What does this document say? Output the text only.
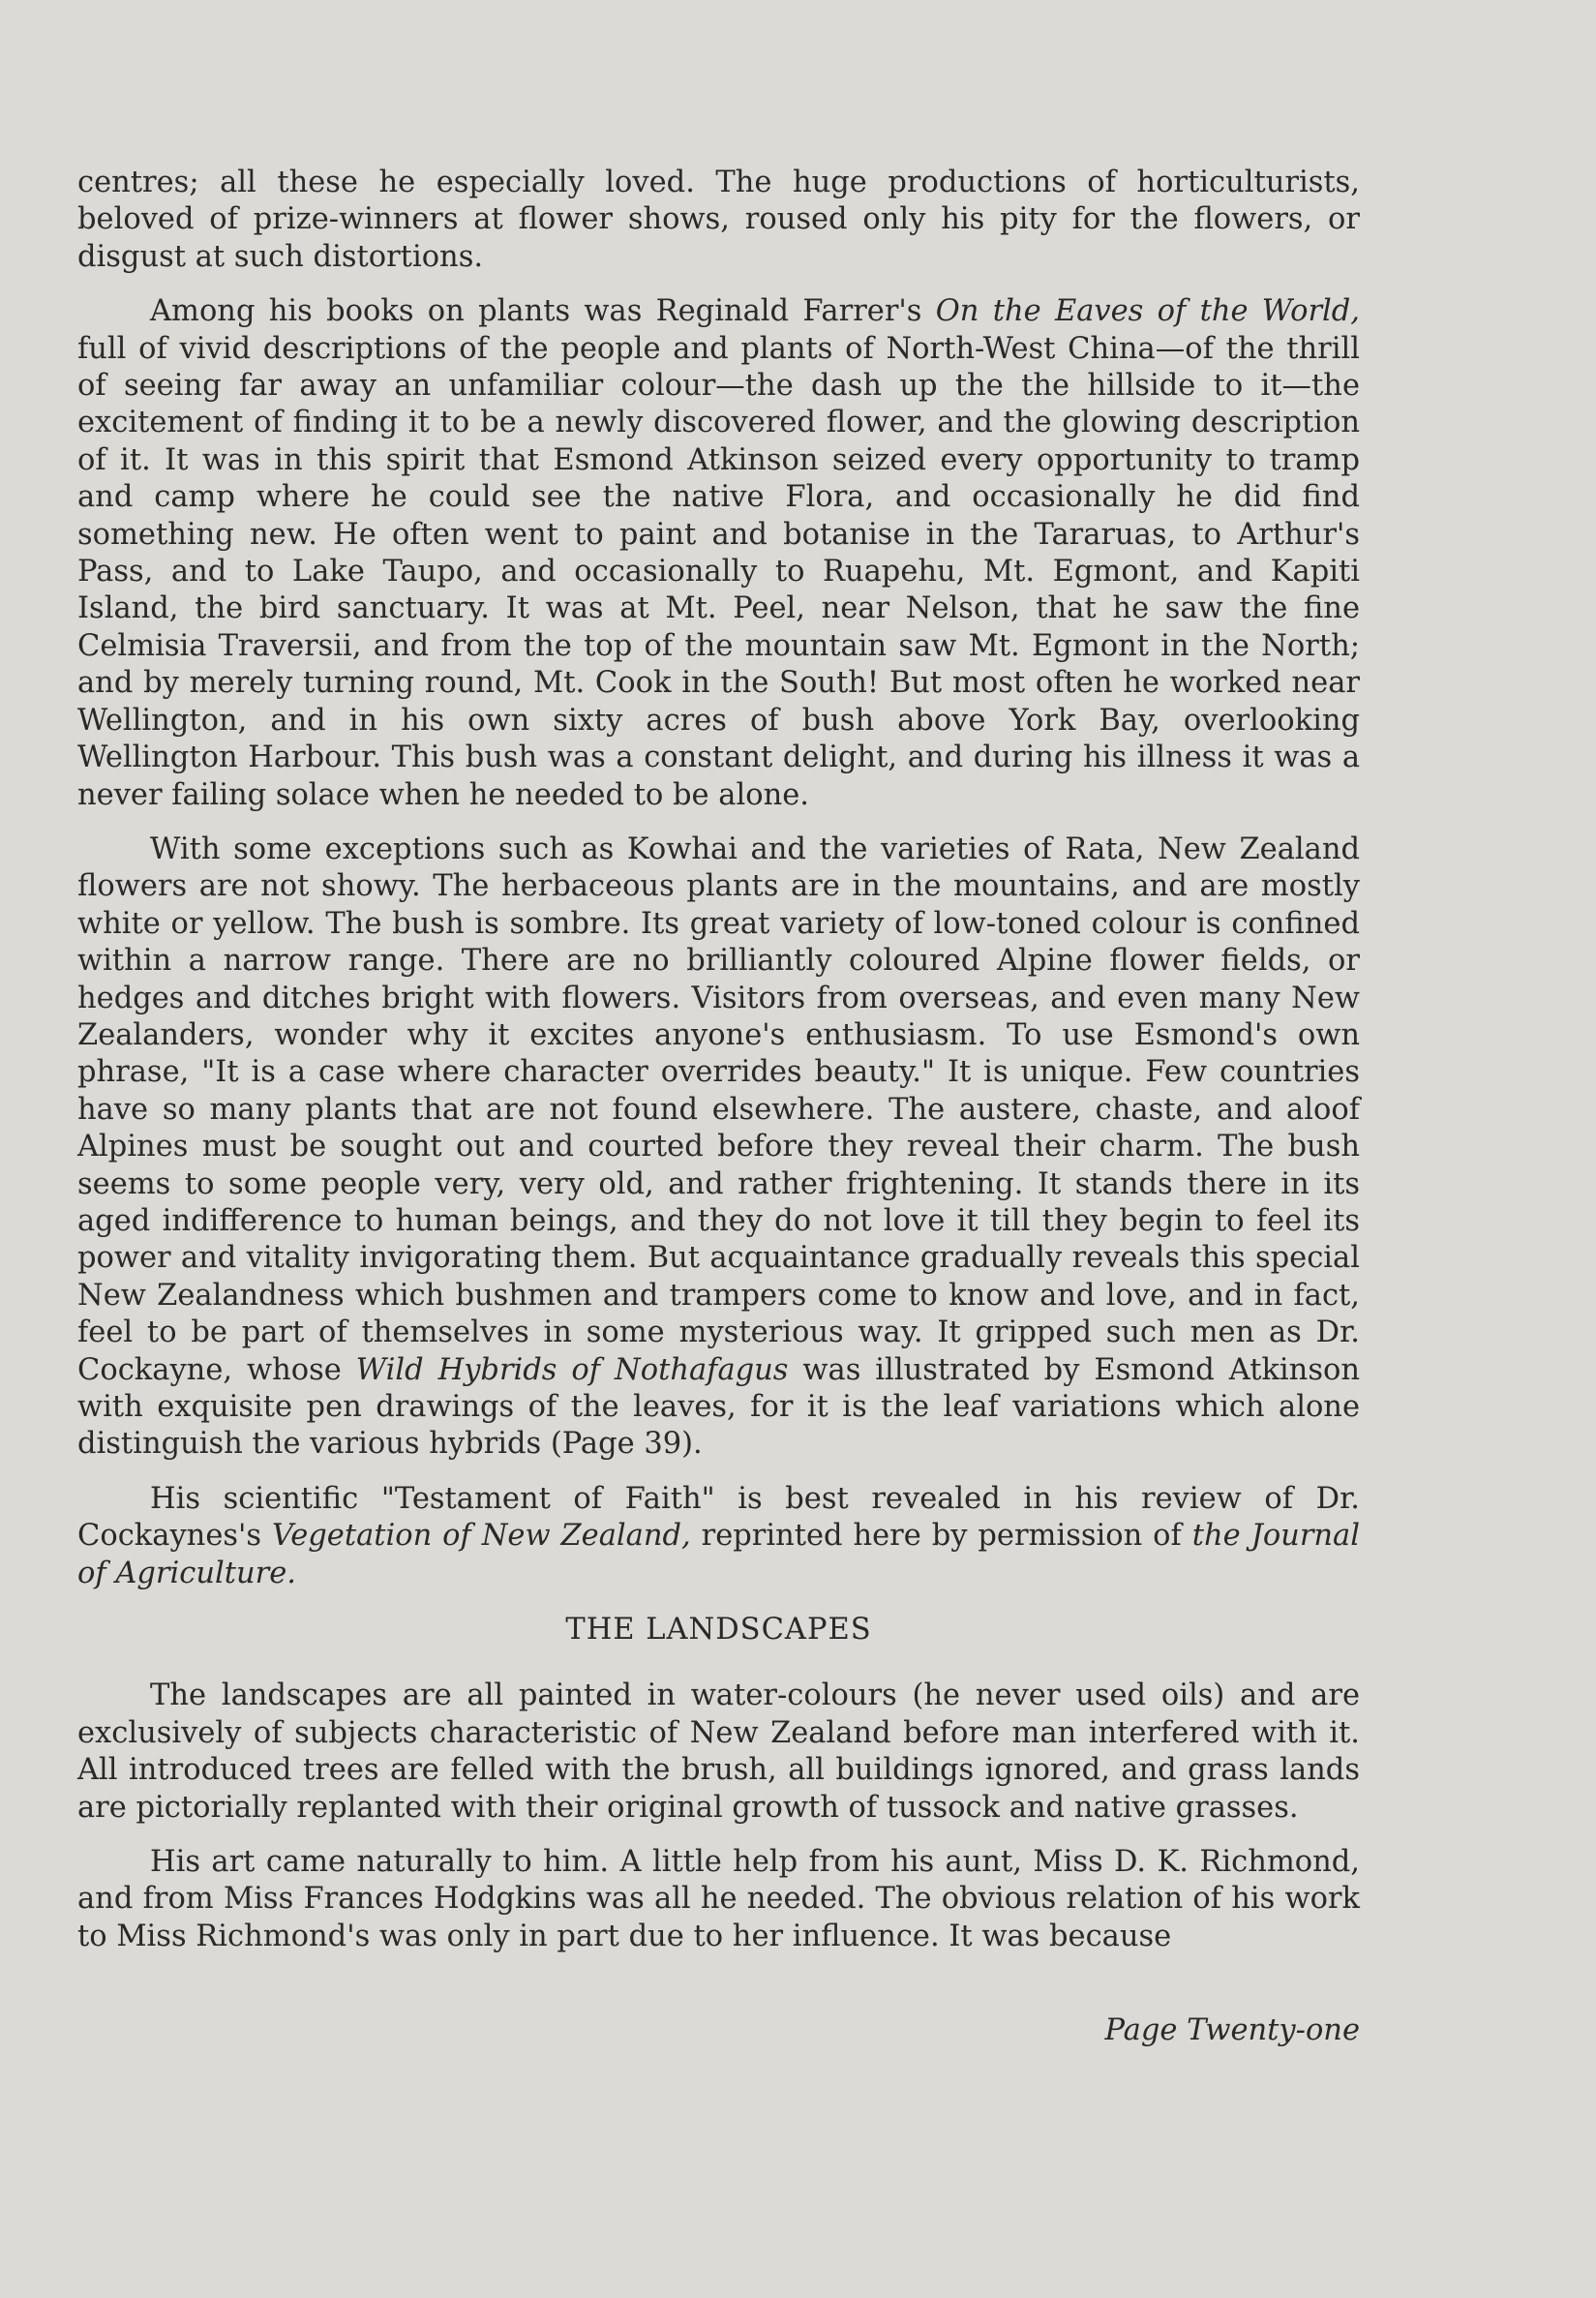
centres; all these he especially loved. The huge productions of horticulturists, beloved of prize-winners at flower shows, roused only his pity for the flowers, or disgust at such distortions.

Among his books on plants was Reginald Farrer's On the Eaves of the World, full of vivid descriptions of the people and plants of North-West China—of the thrill of seeing far away an unfamiliar colour—the dash up the the hillside to it—the excitement of finding it to be a newly discovered flower, and the glowing description of it. It was in this spirit that Esmond Atkinson seized every opportunity to tramp and camp where he could see the native Flora, and occasionally he did find something new. He often went to paint and botanise in the Tararuas, to Arthur's Pass, and to Lake Taupo, and occasionally to Ruapehu, Mt. Egmont, and Kapiti Island, the bird sanctuary. It was at Mt. Peel, near Nelson, that he saw the fine Celmisia Traversii, and from the top of the mountain saw Mt. Egmont in the North; and by merely turning round, Mt. Cook in the South! But most often he worked near Wellington, and in his own sixty acres of bush above York Bay, overlooking Wellington Harbour. This bush was a constant delight, and during his illness it was a never failing solace when he needed to be alone.

With some exceptions such as Kowhai and the varieties of Rata, New Zealand flowers are not showy. The herbaceous plants are in the mountains, and are mostly white or yellow. The bush is sombre. Its great variety of low-toned colour is confined within a narrow range. There are no brilliantly coloured Alpine flower fields, or hedges and ditches bright with flowers. Visitors from overseas, and even many New Zealanders, wonder why it excites anyone's enthusiasm. To use Esmond's own phrase, "It is a case where character overrides beauty." It is unique. Few countries have so many plants that are not found elsewhere. The austere, chaste, and aloof Alpines must be sought out and courted before they reveal their charm. The bush seems to some people very, very old, and rather frightening. It stands there in its aged indifference to human beings, and they do not love it till they begin to feel its power and vitality invigorating them. But acquaintance gradually reveals this special New Zealandness which bushmen and trampers come to know and love, and in fact, feel to be part of themselves in some mysterious way. It gripped such men as Dr. Cockayne, whose Wild Hybrids of Nothafagus was illustrated by Esmond Atkinson with exquisite pen drawings of the leaves, for it is the leaf variations which alone distinguish the various hybrids (Page 39).

His scientific "Testament of Faith" is best revealed in his review of Dr. Cockaynes's Vegetation of New Zealand, reprinted here by permission of the Journal of Agriculture.

THE LANDSCAPES

The landscapes are all painted in water-colours (he never used oils) and are exclusively of subjects characteristic of New Zealand before man interfered with it. All introduced trees are felled with the brush, all buildings ignored, and grass lands are pictorially replanted with their original growth of tussock and native grasses.

His art came naturally to him. A little help from his aunt, Miss D. K. Richmond, and from Miss Frances Hodgkins was all he needed. The obvious relation of his work to Miss Richmond's was only in part due to her influence. It was because

Page Twenty-one
